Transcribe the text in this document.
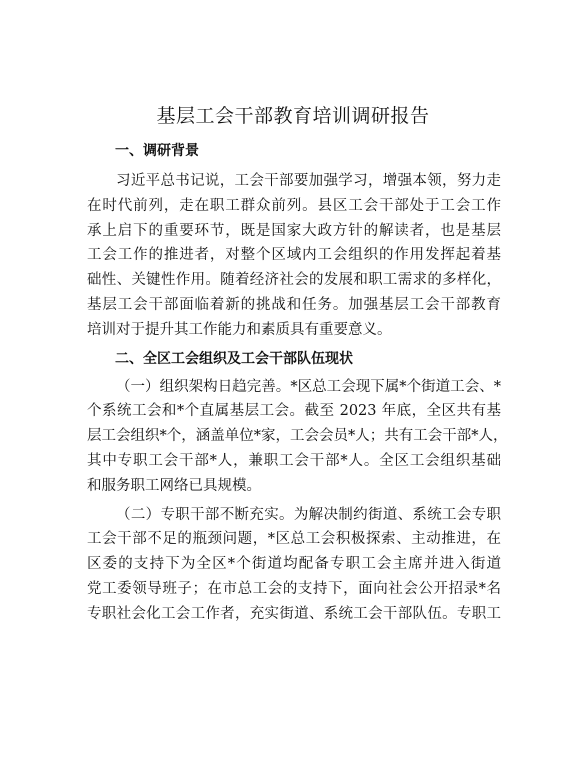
基层工会干部教育培训调研报告
一、调研背景
习近平总书记说，工会干部要加强学习，增强本领，努力走
在时代前列，走在职工群众前列。县区工会干部处于工会工作
承上启下的重要环节，既是国家大政方针的解读者，也是基层
工会工作的推进者，对整个区域内工会组织的作用发挥起着基
础性、关键性作用。随着经济社会的发展和职工需求的多样化，
基层工会干部面临着新的挑战和任务。加强基层工会干部教育
培训对于提升其工作能力和素质具有重要意义。
二、全区工会组织及工会干部队伍现状
（一）组织架构日趋完善。*区总工会现下属*个街道工会、*
个系统工会和*个直属基层工会。截至 2023 年底，全区共有基
层工会组织*个，涵盖单位*家，工会会员*人；共有工会干部*人，
其中专职工会干部*人，兼职工会干部*人。全区工会组织基础
和服务职工网络已具规模。
（二）专职干部不断充实。为解决制约街道、系统工会专职
工会干部不足的瓶颈问题，*区总工会积极探索、主动推进，在
区委的支持下为全区*个街道均配备专职工会主席并进入街道
党工委领导班子；在市总工会的支持下，面向社会公开招录*名
专职社会化工会工作者，充实街道、系统工会干部队伍。专职工
